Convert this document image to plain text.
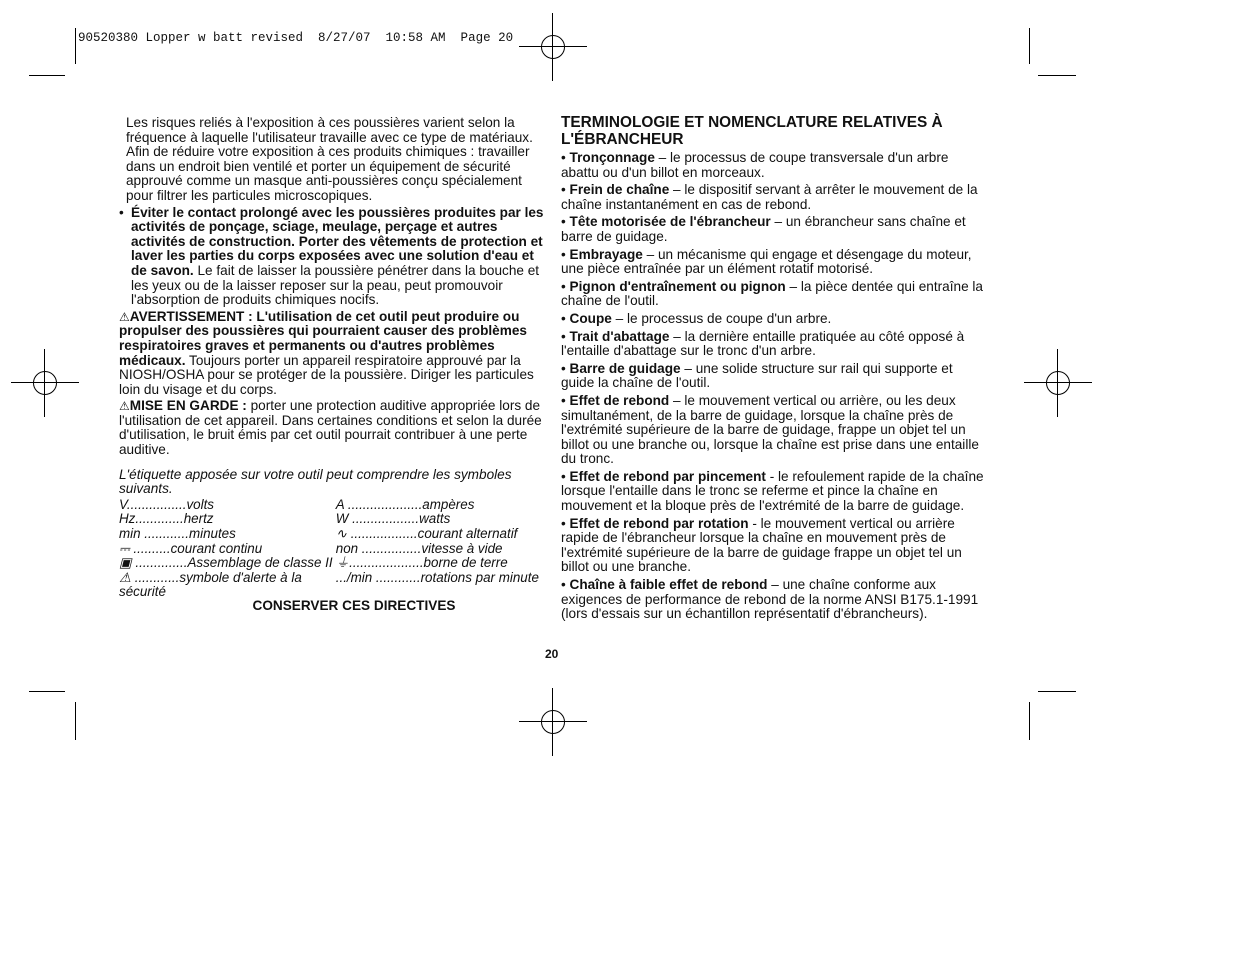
90520380 Lopper w batt revised  8/27/07  10:58 AM  Page 20

Les risques reliés à l'exposition à ces poussières varient selon la fréquence à laquelle l'utilisateur travaille avec ce type de matériaux. Afin de réduire votre exposition à ces produits chimiques : travailler dans un endroit bien ventilé et porter un équipement de sécurité approuvé comme un masque anti-poussières conçu spécialement pour filtrer les particules microscopiques.

• Éviter le contact prolongé avec les poussières produites par les activités de ponçage, sciage, meulage, perçage et autres activités de construction. Porter des vêtements de protection et laver les parties du corps exposées avec une solution d'eau et de savon. Le fait de laisser la poussière pénétrer dans la bouche et les yeux ou de la laisser reposer sur la peau, peut promouvoir l'absorption de produits chimiques nocifs.

⚠AVERTISSEMENT : L'utilisation de cet outil peut produire ou propulser des poussières qui pourraient causer des problèmes respiratoires graves et permanents ou d'autres problèmes médicaux. Toujours porter un appareil respiratoire approuvé par la NIOSH/OSHA pour se protéger de la poussière. Diriger les particules loin du visage et du corps.

⚠MISE EN GARDE : porter une protection auditive appropriée lors de l'utilisation de cet appareil. Dans certaines conditions et selon la durée d'utilisation, le bruit émis par cet outil pourrait contribuer à une perte auditive.

L'étiquette apposée sur votre outil peut comprendre les symboles suivants.

V................volts	A ....................ampères
Hz.............hertz	W ..................watts
min ............minutes	∿ ..................courant alternatif
⎓ ..........courant continu	non ................vitesse à vide
▣ ..............Assemblage de classe II	⏚....................borne de terre
⚠ ............symbole d'alerte à la sécurité	.../min ............rotations par minute

CONSERVER CES DIRECTIVES

TERMINOLOGIE ET NOMENCLATURE RELATIVES À L'ÉBRANCHEUR

• Tronçonnage – le processus de coupe transversale d'un arbre abattu ou d'un billot en morceaux.

• Frein de chaîne – le dispositif servant à arrêter le mouvement de la chaîne instantanément en cas de rebond.

• Tête motorisée de l'ébrancheur – un ébrancheur sans chaîne et barre de guidage.

• Embrayage – un mécanisme qui engage et désengage du moteur, une pièce entraînée par un élément rotatif motorisé.

• Pignon d'entraînement ou pignon – la pièce dentée qui entraîne la chaîne de l'outil.

• Coupe – le processus de coupe d'un arbre.

• Trait d'abattage – la dernière entaille pratiquée au côté opposé à l'entaille d'abattage sur le tronc d'un arbre.

• Barre de guidage – une solide structure sur rail qui supporte et guide la chaîne de l'outil.

• Effet de rebond – le mouvement vertical ou arrière, ou les deux simultanément, de la barre de guidage, lorsque la chaîne près de l'extrémité supérieure de la barre de guidage, frappe un objet tel un billot ou une branche ou, lorsque la chaîne est prise dans une entaille du tronc.

• Effet de rebond par pincement - le refoulement rapide de la chaîne lorsque l'entaille dans le tronc se referme et pince la chaîne en mouvement et la bloque près de l'extrémité de la barre de guidage.

• Effet de rebond par rotation - le mouvement vertical ou arrière rapide de l'ébrancheur lorsque la chaîne en mouvement près de l'extrémité supérieure de la barre de guidage frappe un objet tel un billot ou une branche.

• Chaîne à faible effet de rebond – une chaîne conforme aux exigences de performance de rebond de la norme ANSI B175.1-1991 (lors d'essais sur un échantillon représentatif d'ébrancheurs).

20
